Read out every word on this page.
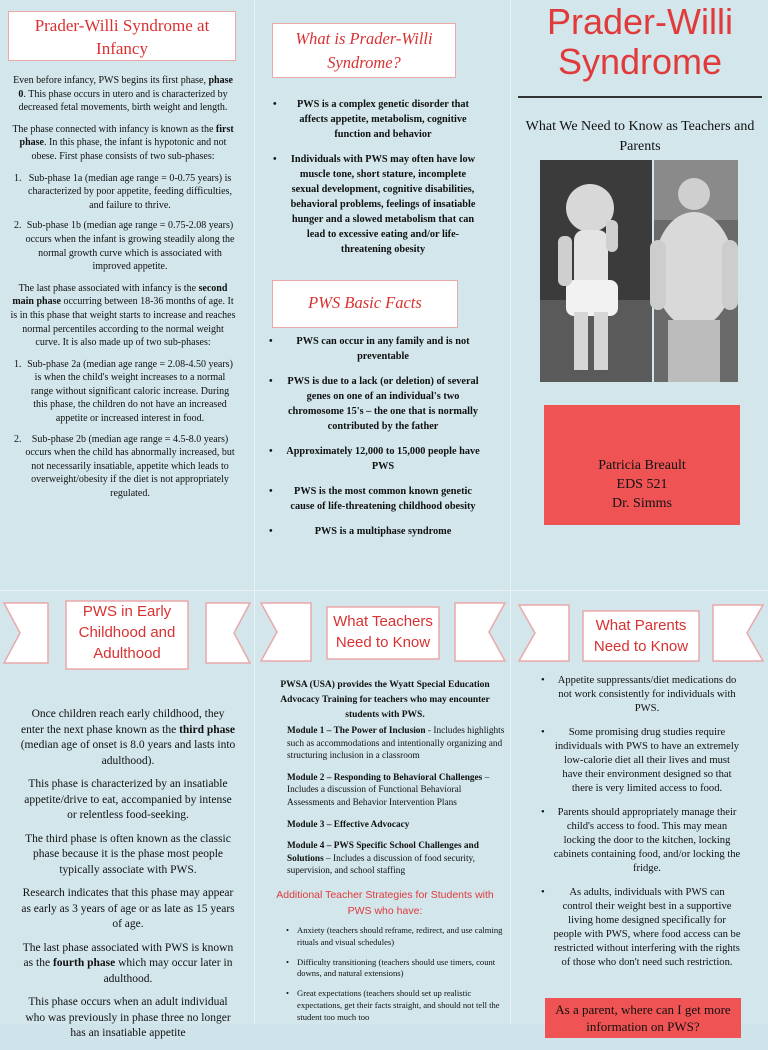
Prader-Willi Syndrome at Infancy

Even before infancy, PWS begins its first phase, phase 0. This phase occurs in utero and is characterized by decreased fetal movements, birth weight and length.

The phase connected with infancy is known as the first phase. In this phase, the infant is hypotonic and not obese. First phase consists of two sub-phases:

1. Sub-phase 1a (median age range = 0-0.75 years) is characterized by poor appetite, feeding difficulties, and failure to thrive.
2. Sub-phase 1b (median age range = 0.75-2.08 years) occurs when the infant is growing steadily along the normal growth curve which is associated with improved appetite.

The last phase associated with infancy is the second main phase occurring between 18-36 months of age. It is in this phase that weight starts to increase and reaches normal percentiles according to the normal weight curve. It is also made up of two sub-phases:

1. Sub-phase 2a (median age range = 2.08-4.50 years) is when the child's weight increases to a normal range without significant caloric increase. During this phase, the children do not have an increased appetite or increased interest in food.
2. Sub-phase 2b (median age range = 4.5-8.0 years) occurs when the child has abnormally increased, but not necessarily insatiable, appetite which leads to overweight/obesity if the diet is not appropriately regulated.
What is Prader-Willi Syndrome?
• PWS is a complex genetic disorder that affects appetite, metabolism, cognitive function and behavior
• Individuals with PWS may often have low muscle tone, short stature, incomplete sexual development, cognitive disabilities, behavioral problems, feelings of insatiable hunger and a slowed metabolism that can lead to excessive eating and/or life-threatening obesity
PWS Basic Facts
• PWS can occur in any family and is not preventable
• PWS is due to a lack (or deletion) of several genes on one of an individual's two chromosome 15's – the one that is normally contributed by the father
• Approximately 12,000 to 15,000 people have PWS
• PWS is the most common known genetic cause of life-threatening childhood obesity
• PWS is a multiphase syndrome
Prader-Willi
Syndrome
What We Need to Know as Teachers and Parents
Patricia Breault
EDS 521
Dr. Simms
PWS in Early Childhood and Adulthood

Once children reach early childhood, they enter the next phase known as the third phase (median age of onset is 8.0 years and lasts into adulthood).

This phase is characterized by an insatiable appetite/drive to eat, accompanied by intense or relentless food-seeking.

The third phase is often known as the classic phase because it is the phase most people typically associate with PWS.

Research indicates that this phase may appear as early as 3 years of age or as late as 15 years of age.

The last phase associated with PWS is known as the fourth phase which may occur later in adulthood.

This phase occurs when an adult individual who was previously in phase three no longer has an insatiable appetite

What Teachers Need to Know

PWSA (USA) provides the Wyatt Special Education Advocacy Training for teachers who may encounter students with PWS.

Module 1 – The Power of Inclusion - Includes highlights such as accommodations and intentionally organizing and structuring inclusion in a classroom

Module 2 – Responding to Behavioral Challenges – Includes a discussion of Functional Behavioral Assessments and Behavior Intervention Plans

Module 3 – Effective Advocacy

Module 4 – PWS Specific School Challenges and Solutions – Includes a discussion of food security, supervision, and school staffing

Additional Teacher Strategies for Students with PWS who have:
• Anxiety (teachers should reframe, redirect, and use calming rituals and visual schedules)
• Difficulty transitioning (teachers should use timers, count downs, and natural extensions)
• Great expectations (teachers should set up realistic expectations, get their facts straight, and should not tell the student too much too
What Parents Need to Know
• Appetite suppressants/diet medications do not work consistently for individuals with PWS.
• Some promising drug studies require individuals with PWS to have an extremely low-calorie diet all their lives and must have their environment designed so that there is very limited access to food.
• Parents should appropriately manage their child's access to food. This may mean locking the door to the kitchen, locking cabinets containing food, and/or locking the fridge.
• As adults, individuals with PWS can control their weight best in a supportive living home designed specifically for people with PWS, where food access can be restricted without interfering with the rights of those who don't need such restriction.
As a parent, where can I get more information on PWS?
